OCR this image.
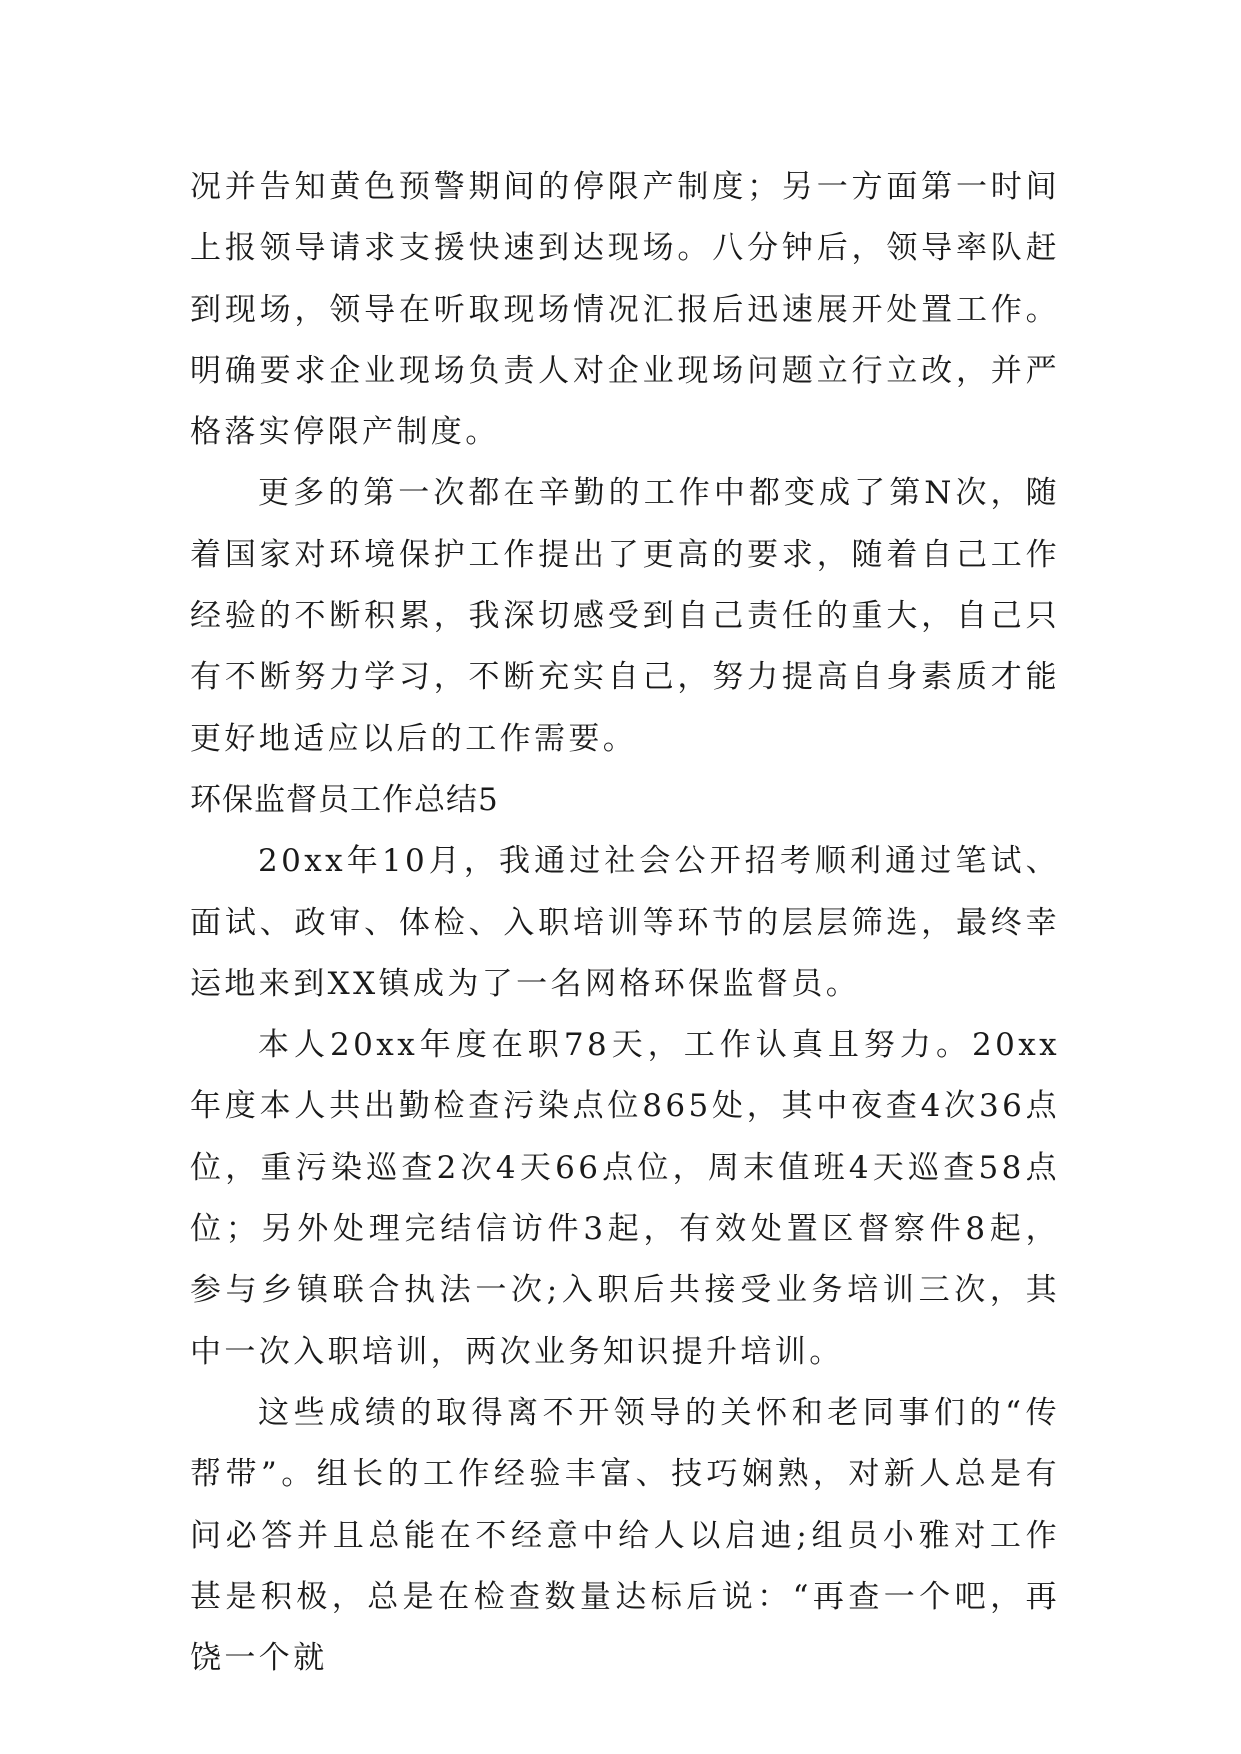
况并告知黄色预警期间的停限产制度；另一方面第一时间上报领导请求支援快速到达现场。八分钟后，领导率队赶到现场，领导在听取现场情况汇报后迅速展开处置工作。明确要求企业现场负责人对企业现场问题立行立改，并严格落实停限产制度。

更多的第一次都在辛勤的工作中都变成了第N次，随着国家对环境保护工作提出了更高的要求，随着自己工作经验的不断积累，我深切感受到自己责任的重大，自己只有不断努力学习，不断充实自己，努力提高自身素质才能更好地适应以后的工作需要。

环保监督员工作总结5

20xx年10月，我通过社会公开招考顺利通过笔试、面试、政审、体检、入职培训等环节的层层筛选，最终幸运地来到XX镇成为了一名网格环保监督员。

本人20xx年度在职78天，工作认真且努力。20xx年度本人共出勤检查污染点位865处，其中夜查4次36点位，重污染巡查2次4天66点位，周末值班4天巡查58点位；另外处理完结信访件3起，有效处置区督察件8起，参与乡镇联合执法一次;入职后共接受业务培训三次，其中一次入职培训，两次业务知识提升培训。

这些成绩的取得离不开领导的关怀和老同事们的“传帮带”。组长的工作经验丰富、技巧娴熟，对新人总是有问必答并且总能在不经意中给人以启迪;组员小雅对工作甚是积极，总是在检查数量达标后说：“再查一个吧，再饶一个就
